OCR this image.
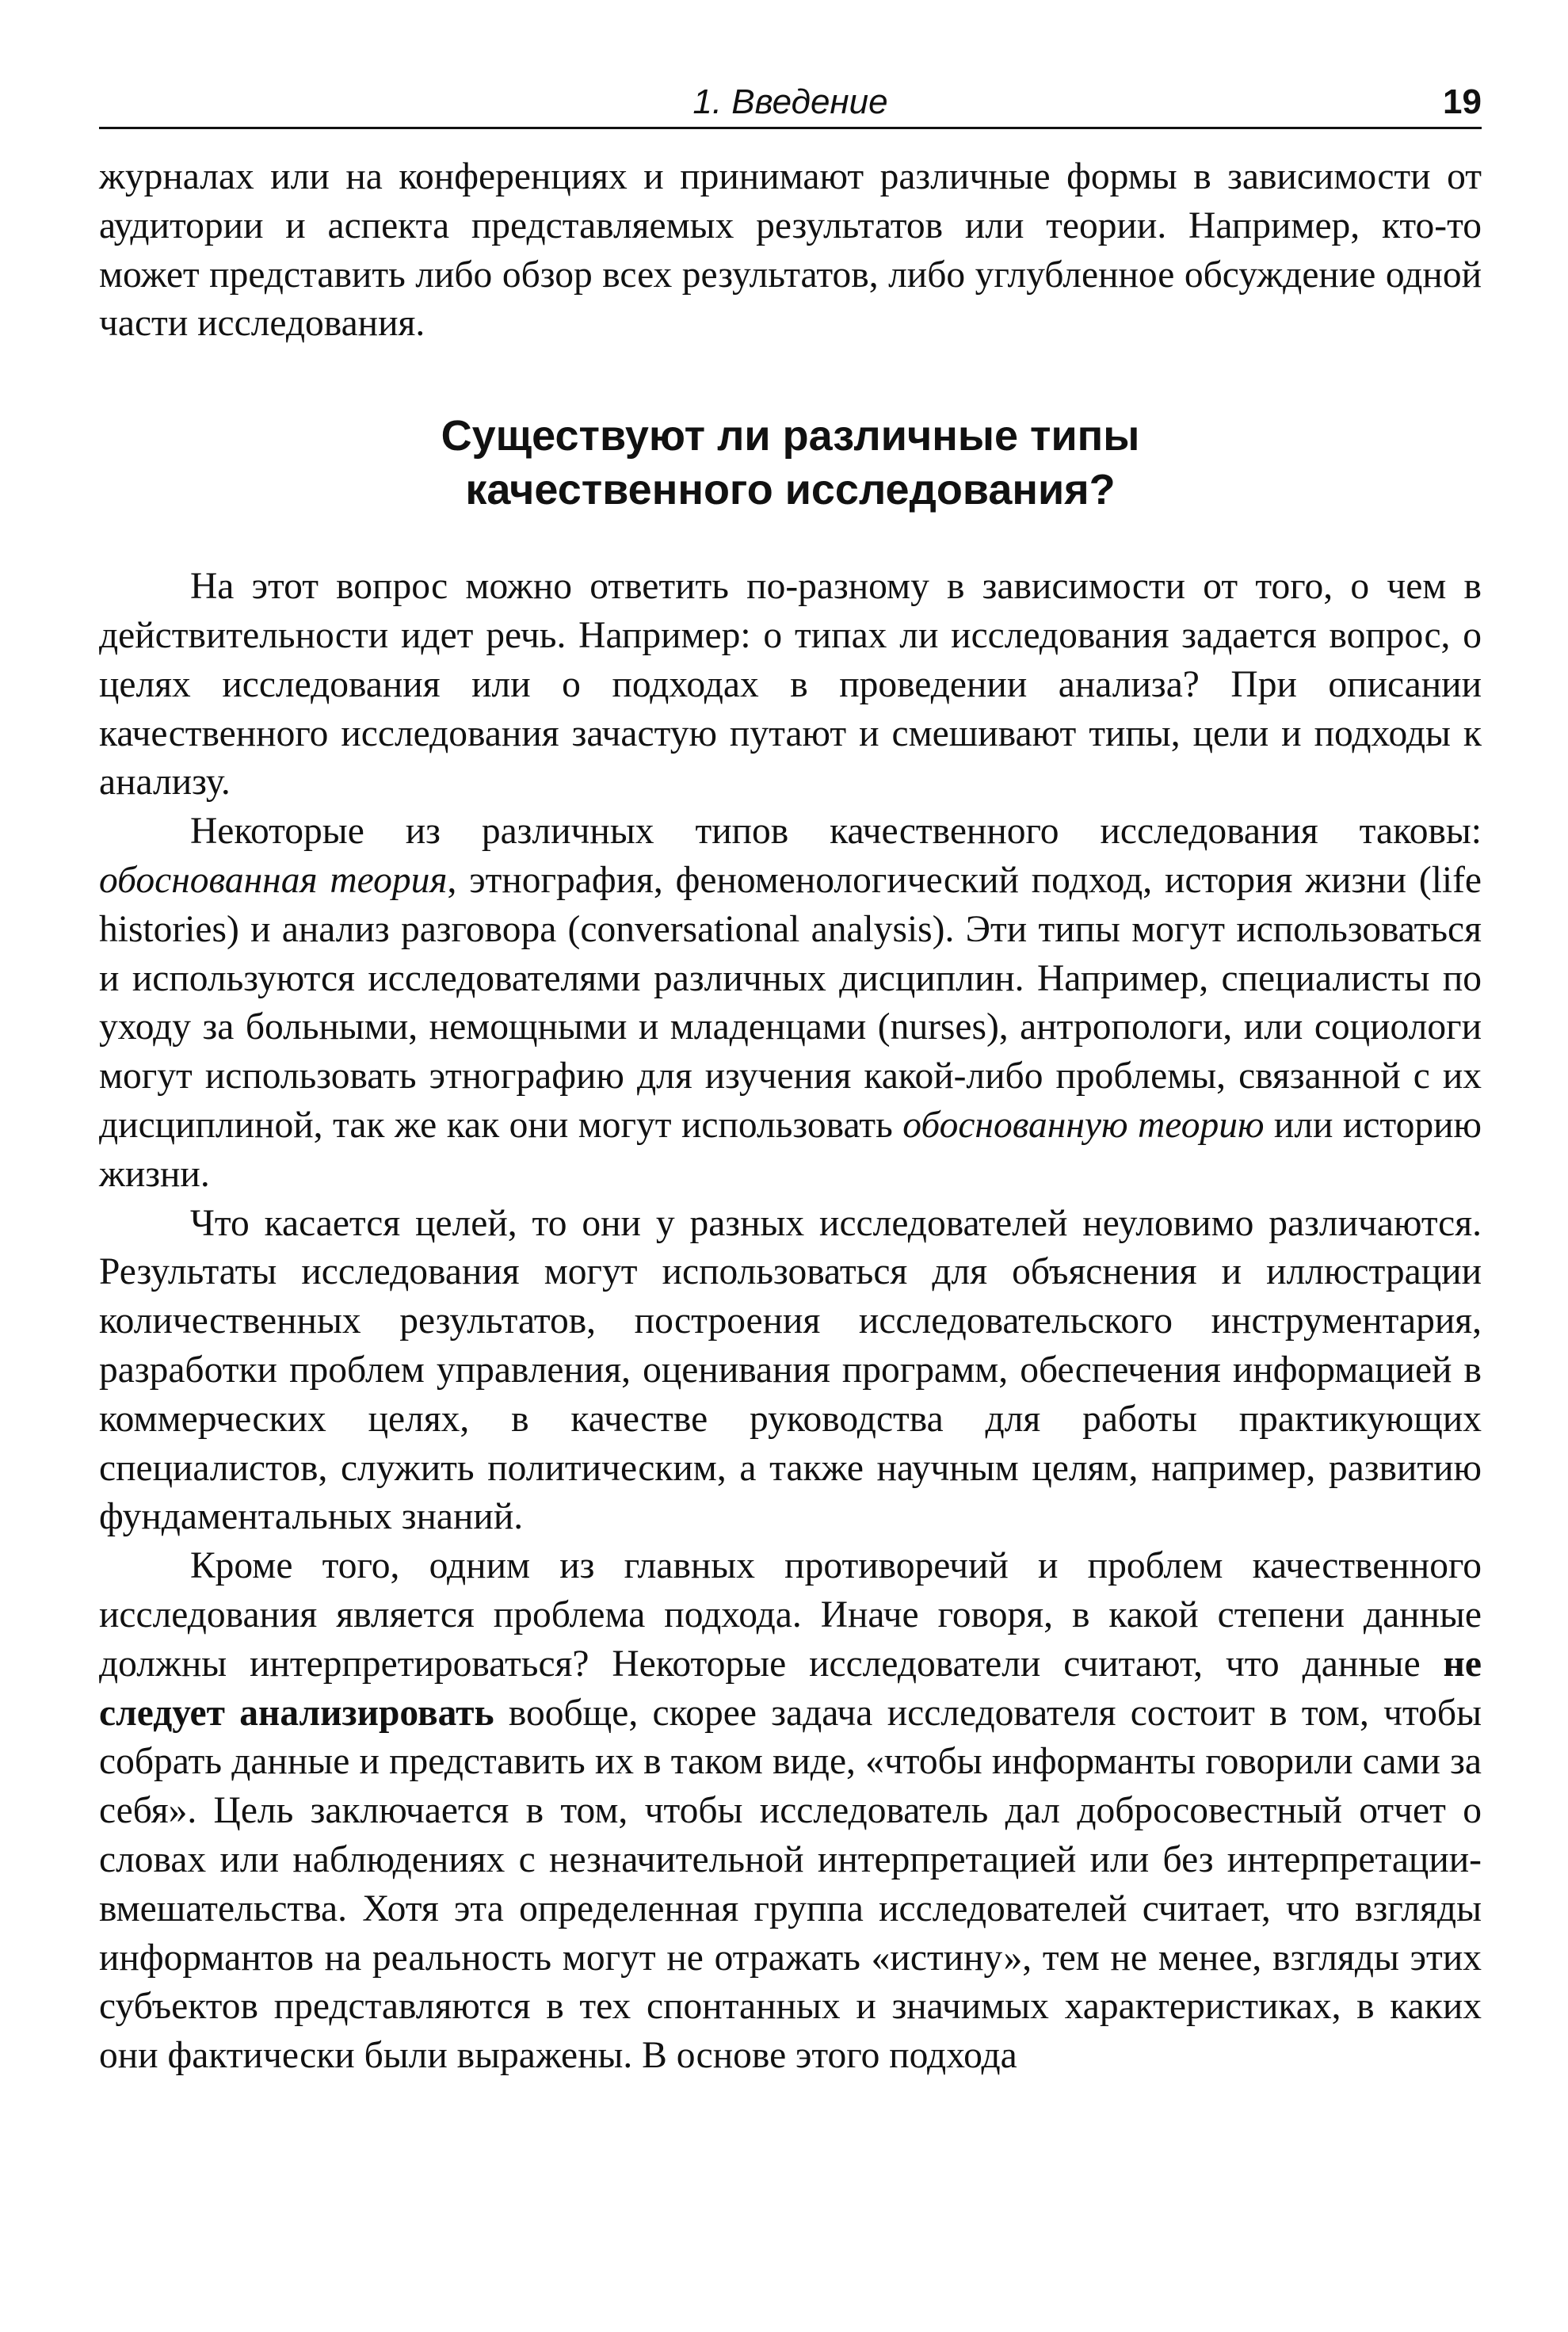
1. Введение	19

журналах или на конференциях и принимают различные формы в зависимости от аудитории и аспекта представляемых результатов или теории. Например, кто-то может представить либо обзор всех результатов, либо углубленное обсуждение одной части исследования.

Существуют ли различные типы
качественного исследования?

На этот вопрос можно ответить по-разному в зависимости от того, о чем в действительности идет речь. Например: о типах ли исследования задается вопрос, о целях исследования или о подходах в проведении анализа? При описании качественного исследования зачастую путают и смешивают типы, цели и подходы к анализу.

Некоторые из различных типов качественного исследования таковы: обоснованная теория, этнография, феноменологический подход, история жизни (life histories) и анализ разговора (conversational analysis). Эти типы могут использоваться и используются исследователями различных дисциплин. Например, специалисты по уходу за больными, немощными и младенцами (nurses), антропологи, или социологи могут использовать этнографию для изучения какой-либо проблемы, связанной с их дисциплиной, так же как они могут использовать обоснованную теорию или историю жизни.

Что касается целей, то они у разных исследователей неуловимо различаются. Результаты исследования могут использоваться для объяснения и иллюстрации количественных результатов, построения исследовательского инструментария, разработки проблем управления, оценивания программ, обеспечения информацией в коммерческих целях, в качестве руководства для работы практикующих специалистов, служить политическим, а также научным целям, например, развитию фундаментальных знаний.

Кроме того, одним из главных противоречий и проблем качественного исследования является проблема подхода. Иначе говоря, в какой степени данные должны интерпретироваться? Некоторые исследователи считают, что данные не следует анализировать вообще, скорее задача исследователя состоит в том, чтобы собрать данные и представить их в таком виде, «чтобы информанты говорили сами за себя». Цель заключается в том, чтобы исследователь дал добросовестный отчет о словах или наблюдениях с незначительной интерпретацией или без интерпретации-вмешательства. Хотя эта определенная группа исследователей считает, что взгляды информантов на реальность могут не отражать «истину», тем не менее, взгляды этих субъектов представляются в тех спонтанных и значимых характеристиках, в каких они фактически были выражены. В основе этого подхода
